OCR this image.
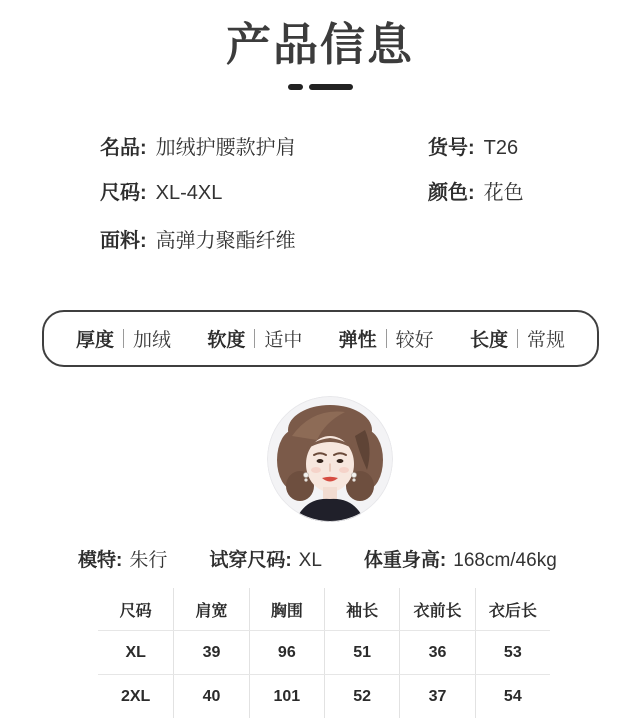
产品信息
名品: 加绒护腰款护肩
尺码: XL-4XL
面料: 高弹力聚酯纤维
货号: T26
颜色: 花色
厚度 加绒 软度 适中 弹性 较好 长度 常规
模特: 朱行 试穿尺码: XL 体重身高: 168cm/46kg
尺码	肩宽	胸围	袖长	衣前长	衣后长
XL	39	96	51	36	53
2XL	40	101	52	37	54
